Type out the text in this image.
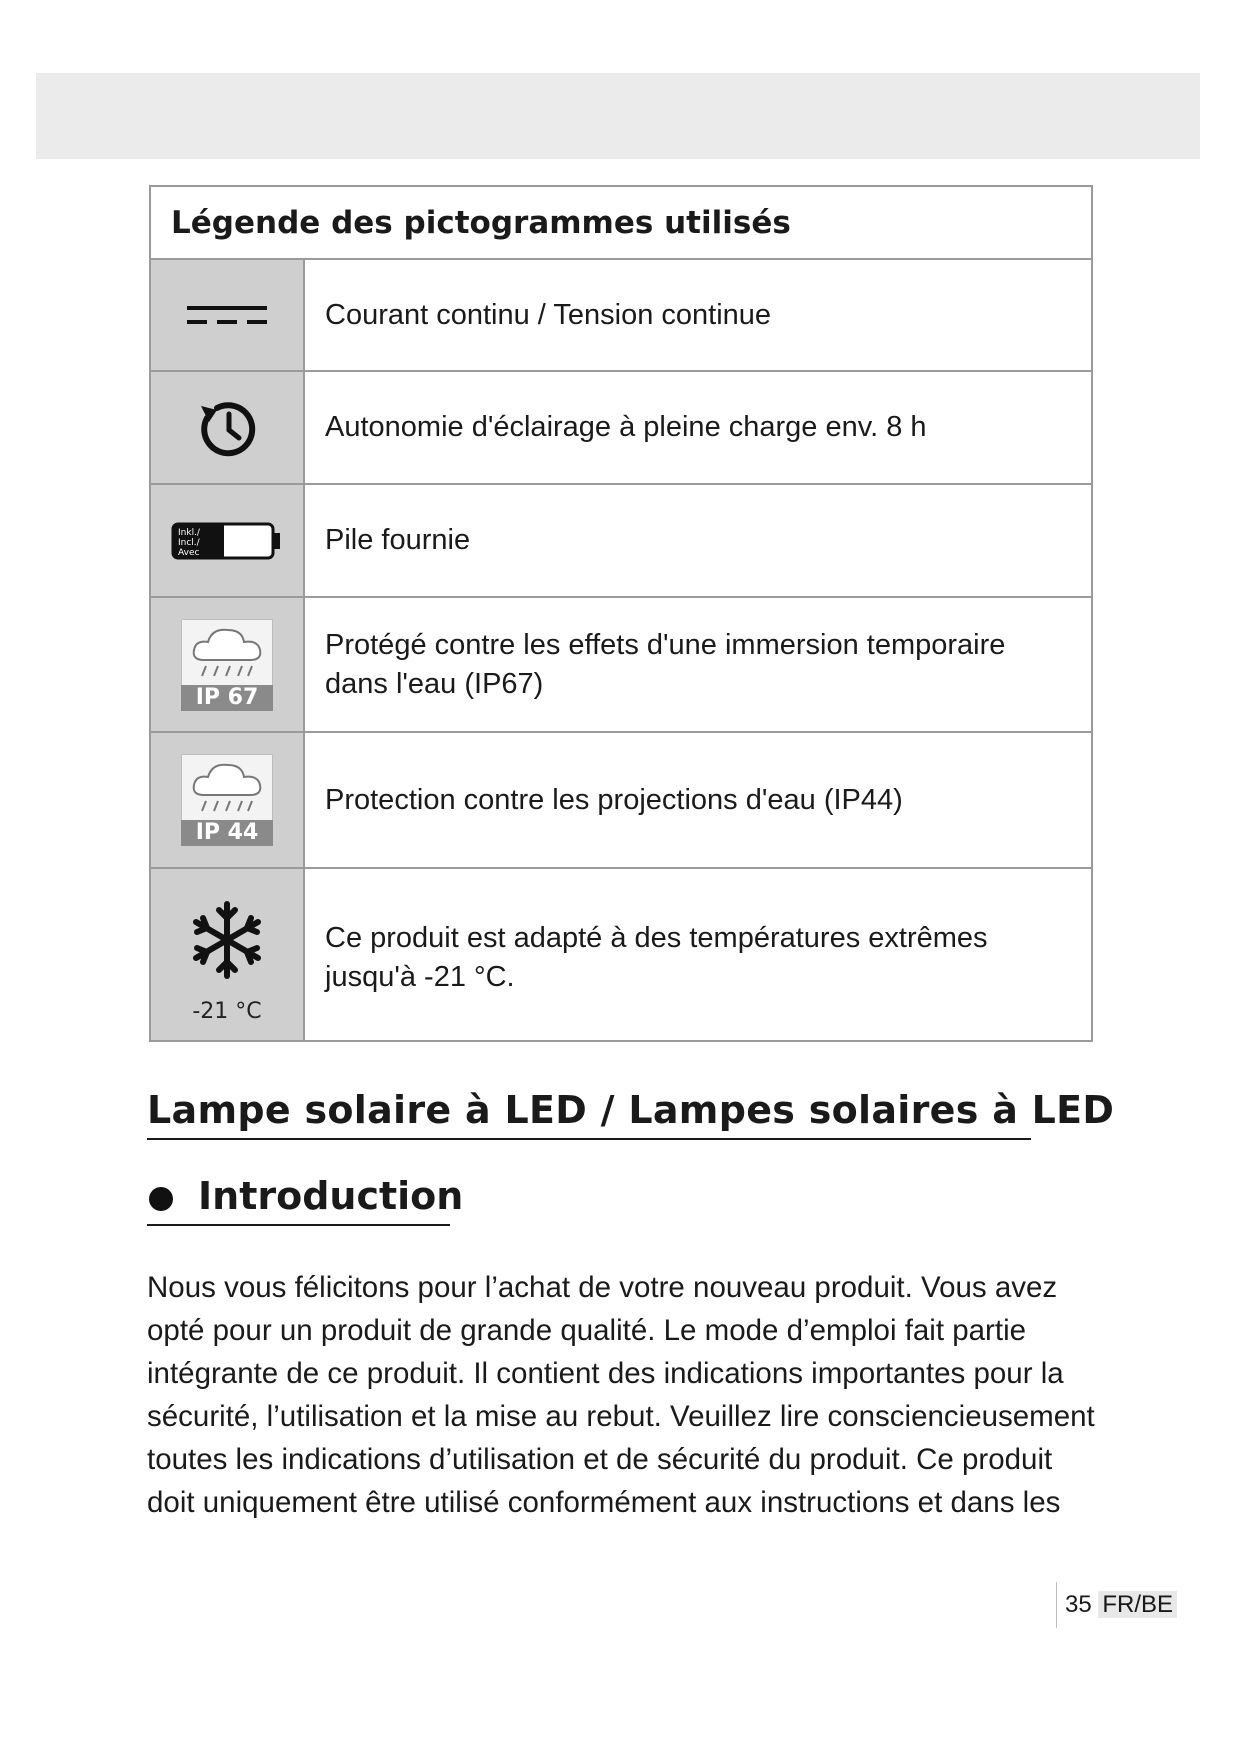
Légende des pictogrammes utilisés
Courant continu / Tension continue
Autonomie d'éclairage à pleine charge env. 8 h
Inkl./
Incl./
Avec	Pile fournie
IP 67
Protégé contre les effets d'une immersion temporaire dans l'eau (IP67)
IP 44
Protection contre les projections d'eau (IP44)
-21 °C
Ce produit est adapté à des températures extrêmes jusqu'à -21 °C.
Lampe solaire à LED / Lampes solaires à LED
Introduction

Nous vous félicitons pour l’achat de votre nouveau produit. Vous avez opté pour un produit de grande qualité. Le mode d’emploi fait partie intégrante de ce produit. Il contient des indications importantes pour la sécurité, l’utilisation et la mise au rebut. Veuillez lire consciencieusement toutes les indications d’utilisation et de sécurité du produit. Ce produit doit uniquement être utilisé conformément aux instructions et dans les

35 FR/BE
